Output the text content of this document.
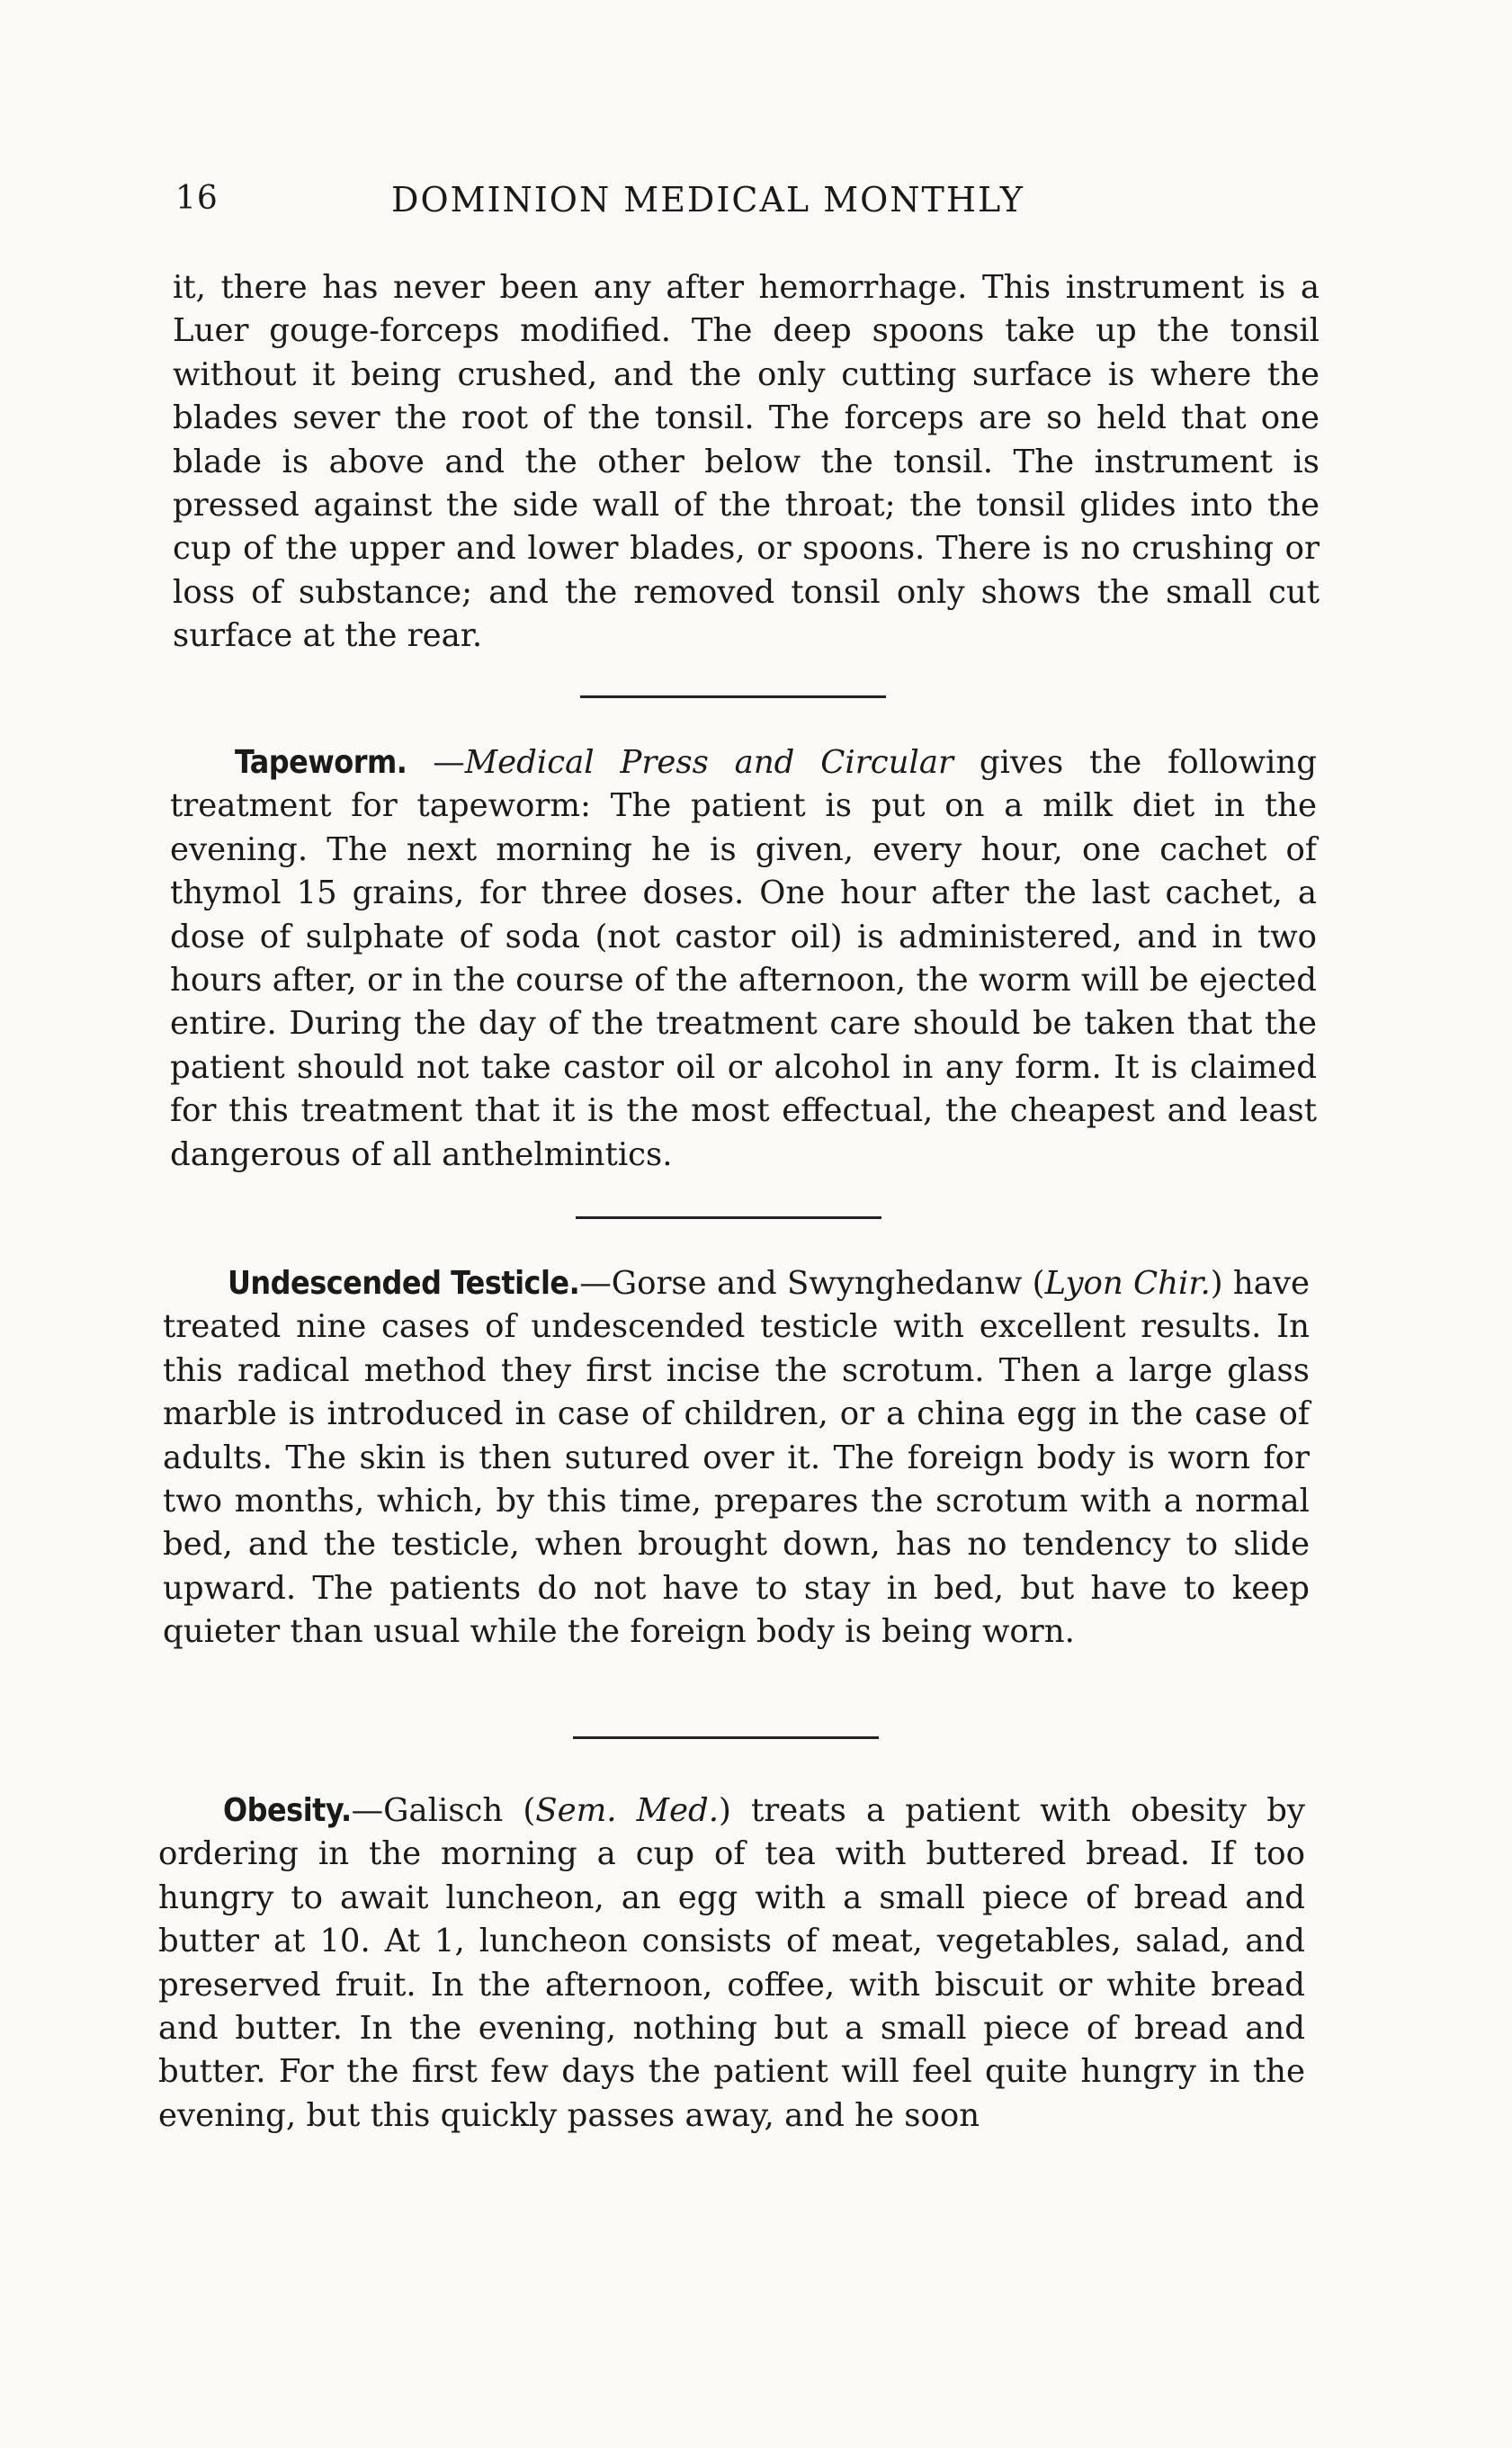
16	DOMINION MEDICAL MONTHLY

it, there has never been any after hemorrhage. This instrument is a Luer gouge-forceps modified. The deep spoons take up the tonsil without it being crushed, and the only cutting surface is where the blades sever the root of the tonsil. The forceps are so held that one blade is above and the other below the tonsil. The instrument is pressed against the side wall of the throat; the tonsil glides into the cup of the upper and lower blades, or spoons. There is no crushing or loss of substance; and the removed tonsil only shows the small cut surface at the rear.

Tapeworm. —Medical Press and Circular gives the following treatment for tapeworm: The patient is put on a milk diet in the evening. The next morning he is given, every hour, one cachet of thymol 15 grains, for three doses. One hour after the last cachet, a dose of sulphate of soda (not castor oil) is administered, and in two hours after, or in the course of the afternoon, the worm will be ejected entire. During the day of the treatment care should be taken that the patient should not take castor oil or alcohol in any form. It is claimed for this treatment that it is the most effectual, the cheapest and least dangerous of all anthelmintics.

Undescended Testicle.—Gorse and Swynghedanw (Lyon Chir.) have treated nine cases of undescended testicle with excellent results. In this radical method they first incise the scrotum. Then a large glass marble is introduced in case of children, or a china egg in the case of adults. The skin is then sutured over it. The foreign body is worn for two months, which, by this time, prepares the scrotum with a normal bed, and the testicle, when brought down, has no tendency to slide upward. The patients do not have to stay in bed, but have to keep quieter than usual while the foreign body is being worn.

Obesity.—Galisch (Sem. Med.) treats a patient with obesity by ordering in the morning a cup of tea with buttered bread. If too hungry to await luncheon, an egg with a small piece of bread and butter at 10. At 1, luncheon consists of meat, vegetables, salad, and preserved fruit. In the afternoon, coffee, with biscuit or white bread and butter. In the evening, nothing but a small piece of bread and butter. For the first few days the patient will feel quite hungry in the evening, but this quickly passes away, and he soon
